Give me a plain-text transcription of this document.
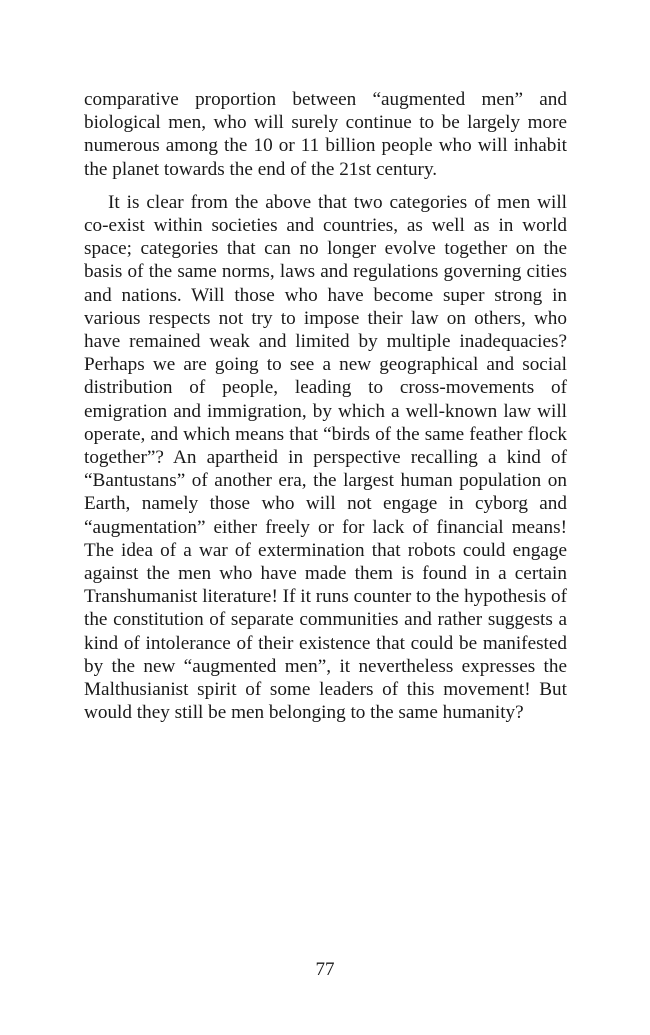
comparative proportion between “augmented men” and biological men, who will surely continue to be largely more numerous among the 10 or 11 billion people who will inhabit the planet towards the end of the 21st century.

It is clear from the above that two categories of men will co-exist within societies and countries, as well as in world space; categories that can no longer evolve together on the basis of the same norms, laws and regulations governing cities and nations. Will those who have become super strong in various respects not try to impose their law on others, who have remained weak and limited by multiple inadequacies?Perhaps we are going to see a new geographical and social distribution of people, leading to cross-movements of emigration and immigration, by which a well-known law will operate, and which means that “birds of the same feather flock together”? An apartheid in perspective recalling a kind of “Bantustans” of another era, the largest human population on Earth, namely those who will not engage in cyborg and “augmentation” either freely or for lack of financial means! The idea of a war of extermination that robots could engage against the men who have made them is found in a certain Transhumanist literature! If it runs counter to the hypothesis of the constitution of separate communities and rather suggests a kind of intolerance of their existence that could be manifested by the new “augmented men”, it nevertheless expresses the Malthusianist spirit of some leaders of this movement! But would they still be men belonging to the same humanity?

77
